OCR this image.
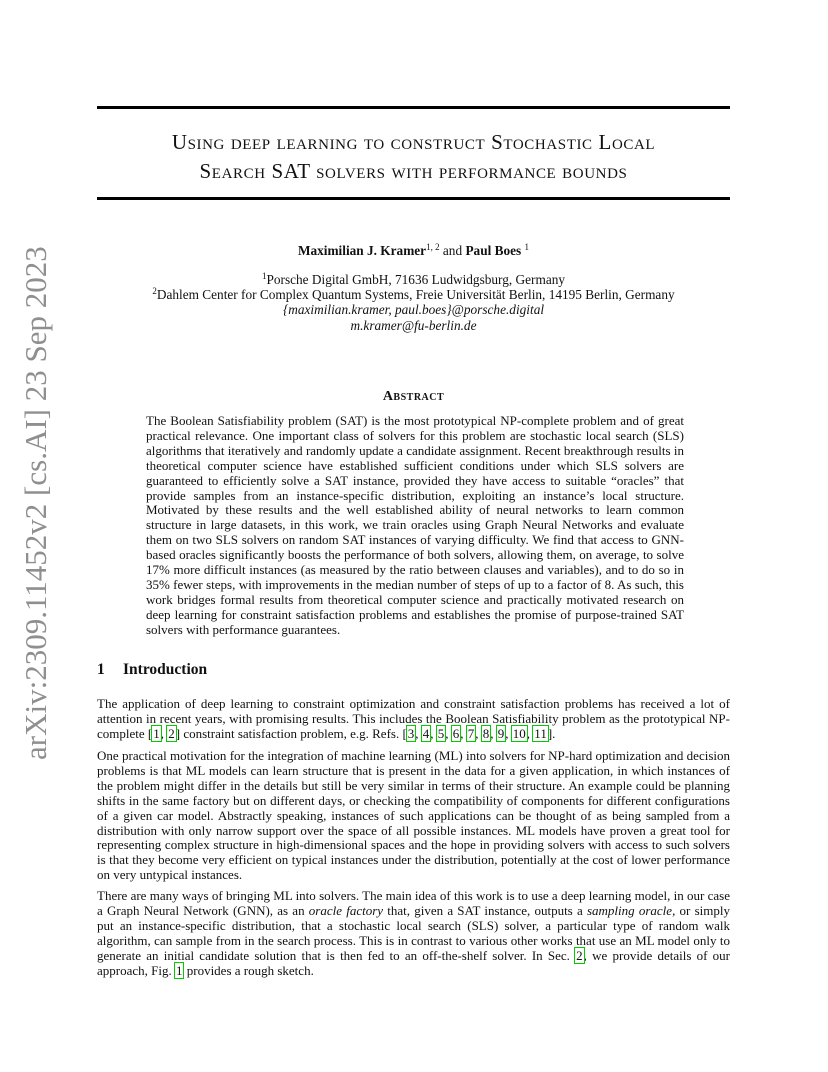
arXiv:2309.11452v2 [cs.AI] 23 Sep 2023
Using deep learning to construct Stochastic Local
Search SAT solvers with performance bounds
Maximilian J. Kramer$^{1, 2}$ and Paul Boes $^1$
$^1$Porsche Digital GmbH, 71636 Ludwidgsburg, Germany
$^2$Dahlem Center for Complex Quantum Systems, Freie Universität Berlin, 14195 Berlin, Germany
{maximilian.kramer, paul.boes}@porsche.digital
m.kramer@fu-berlin.de
Abstract
The Boolean Satisfiability problem (SAT) is the most prototypical NP-complete problem and of great practical relevance. One important class of solvers for this problem are stochastic local search (SLS) algorithms that iteratively and randomly update a candidate assignment. Recent breakthrough results in theoretical computer science have established sufficient conditions under which SLS solvers are guaranteed to efficiently solve a SAT instance, provided they have access to suitable “oracles” that provide samples from an instance-specific distribution, exploiting an instance’s local structure. Motivated by these results and the well established ability of neural networks to learn common structure in large datasets, in this work, we train oracles using Graph Neural Networks and evaluate them on two SLS solvers on random SAT instances of varying difficulty. We find that access to GNN-based oracles significantly boosts the performance of both solvers, allowing them, on average, to solve 17% more difficult instances (as measured by the ratio between clauses and variables), and to do so in 35% fewer steps, with improvements in the median number of steps of up to a factor of 8. As such, this work bridges formal results from theoretical computer science and practically motivated research on deep learning for constraint satisfaction problems and establishes the promise of purpose-trained SAT solvers with performance guarantees.
1 Introduction
The application of deep learning to constraint optimization and constraint satisfaction problems has received a lot of attention in recent years, with promising results. This includes the Boolean Satisfiability problem as the prototypical NP-complete [1, 2] constraint satisfaction problem, e.g. Refs. [3, 4, 5, 6, 7, 8, 9, 10, 11].
One practical motivation for the integration of machine learning (ML) into solvers for NP-hard optimization and decision problems is that ML models can learn structure that is present in the data for a given application, in which instances of the problem might differ in the details but still be very similar in terms of their structure. An example could be planning shifts in the same factory but on different days, or checking the compatibility of components for different configurations of a given car model. Abstractly speaking, instances of such applications can be thought of as being sampled from a distribution with only narrow support over the space of all possible instances. ML models have proven a great tool for representing complex structure in high-dimensional spaces and the hope in providing solvers with access to such solvers is that they become very efficient on typical instances under the distribution, potentially at the cost of lower performance on very untypical instances.
There are many ways of bringing ML into solvers. The main idea of this work is to use a deep learning model, in our case a Graph Neural Network (GNN), as an oracle factory that, given a SAT instance, outputs a sampling oracle, or simply put an instance-specific distribution, that a stochastic local search (SLS) solver, a particular type of random walk algorithm, can sample from in the search process. This is in contrast to various other works that use an ML model only to generate an initial candidate solution that is then fed to an off-the-shelf solver. In Sec. 2, we provide details of our approach, Fig. 1 provides a rough sketch.
